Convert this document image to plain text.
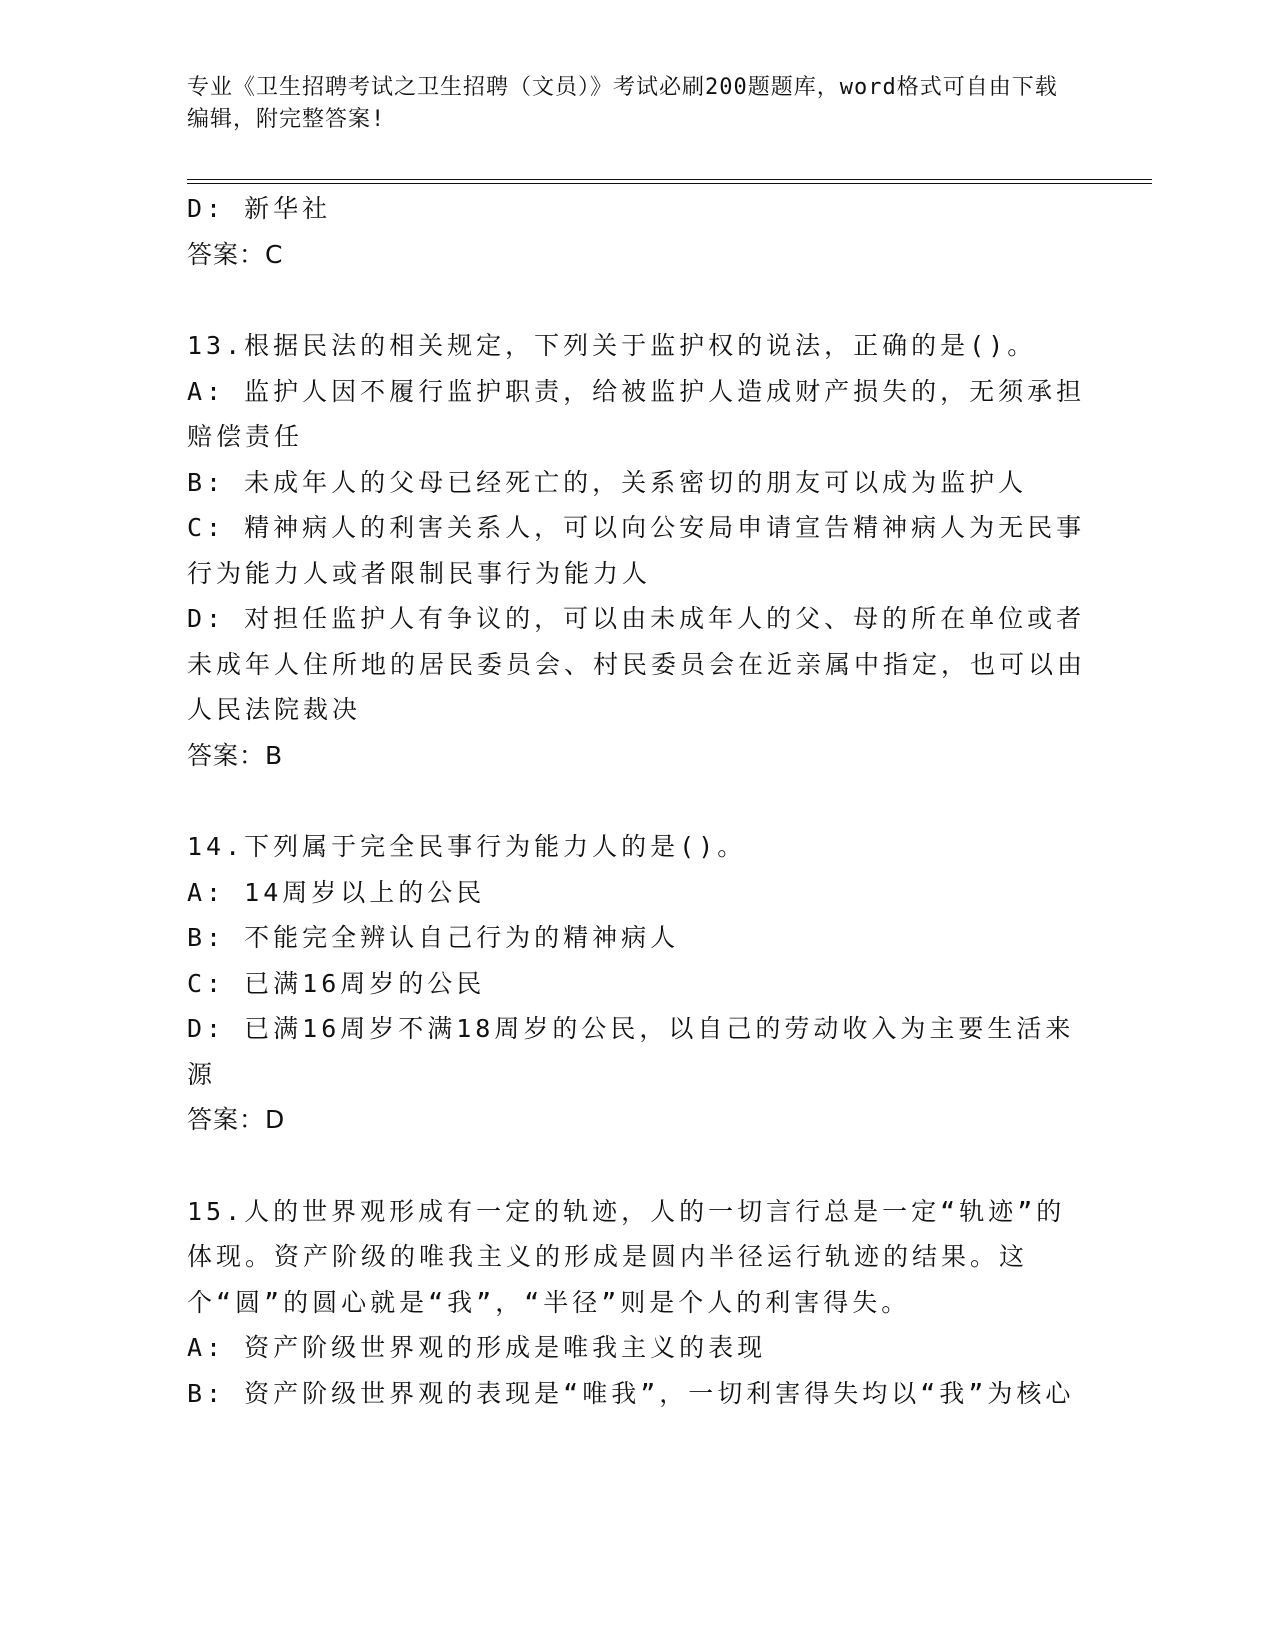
专业《卫生招聘考试之卫生招聘（文员）》考试必刷200题题库，word格式可自由下载编辑，附完整答案!

D: 新华社

答案：C

13.根据民法的相关规定，下列关于监护权的说法，正确的是()。

A: 监护人因不履行监护职责，给被监护人造成财产损失的，无须承担赔偿责任

B: 未成年人的父母已经死亡的，关系密切的朋友可以成为监护人

C: 精神病人的利害关系人，可以向公安局申请宣告精神病人为无民事行为能力人或者限制民事行为能力人

D: 对担任监护人有争议的，可以由未成年人的父、母的所在单位或者未成年人住所地的居民委员会、村民委员会在近亲属中指定，也可以由人民法院裁决

答案：B

14.下列属于完全民事行为能力人的是()。

A: 14周岁以上的公民

B: 不能完全辨认自己行为的精神病人

C: 已满16周岁的公民

D: 已满16周岁不满18周岁的公民，以自己的劳动收入为主要生活来源

答案：D

15.人的世界观形成有一定的轨迹，人的一切言行总是一定“轨迹”的体现。资产阶级的唯我主义的形成是圆内半径运行轨迹的结果。这个“圆”的圆心就是“我”，“半径”则是个人的利害得失。

A: 资产阶级世界观的形成是唯我主义的表现

B: 资产阶级世界观的表现是“唯我”，一切利害得失均以“我”为核心
